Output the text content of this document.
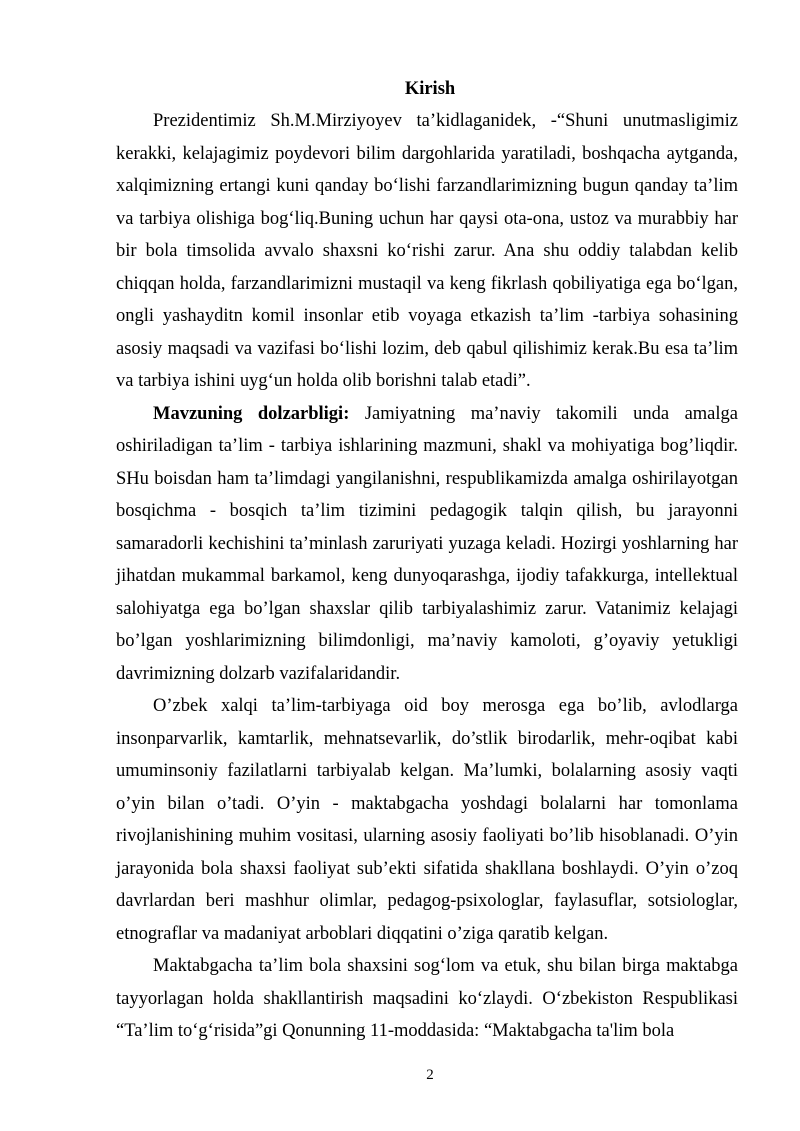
Kirish

Prezidentimiz Sh.M.Mirziyoyev ta’kidlaganidek, -“Shuni unutmasligimiz kerakki, kelajagimiz poydevori bilim dargohlarida yaratiladi, boshqacha aytganda, xalqimizning ertangi kuni qanday bo‘lishi farzandlarimizning bugun qanday ta’lim va tarbiya olishiga bog‘liq.Buning uchun har qaysi ota-ona, ustoz va murabbiy har bir bola timsolida avvalo shaxsni ko‘rishi zarur. Ana shu oddiy talabdan kelib chiqqan holda, farzandlarimizni mustaqil va keng fikrlash qobiliyatiga ega bo‘lgan, ongli yashayditn komil insonlar etib voyaga etkazish ta’lim -tarbiya sohasining asosiy maqsadi va vazifasi bo‘lishi lozim, deb qabul qilishimiz kerak.Bu esa ta’lim va tarbiya ishini uyg‘un holda olib borishni talab etadi”.

Mavzuning dolzarbligi: Jamiyatning ma’naviy takomili unda amalga oshiriladigan ta’lim - tarbiya ishlarining mazmuni, shakl va mohiyatiga bog’liqdir. SHu boisdan ham ta’limdagi yangilanishni, respublikamizda amalga oshirilayotgan bosqichma - bosqich ta’lim tizimini pedagogik talqin qilish, bu jarayonni samaradorli kechishini ta’minlash zaruriyati yuzaga keladi. Hozirgi yoshlarning har jihatdan mukammal barkamol, keng dunyoqarashga, ijodiy tafakkurga, intellektual salohiyatga ega bo’lgan shaxslar qilib tarbiyalashimiz zarur. Vatanimiz kelajagi bo’lgan yoshlarimizning bilimdonligi, ma’naviy kamoloti, g’oyaviy yetukligi davrimizning dolzarb vazifalaridandir.

O’zbek xalqi ta’lim-tarbiyaga oid boy merosga ega bo’lib, avlodlarga insonparvarlik, kamtarlik, mehnatsevarlik, do’stlik birodarlik, mehr-oqibat kabi umuminsoniy fazilatlarni tarbiyalab kelgan. Ma’lumki, bolalarning asosiy vaqti o’yin bilan o’tadi. O’yin - maktabgacha yoshdagi bolalarni har tomonlama rivojlanishining muhim vositasi, ularning asosiy faoliyati bo’lib hisoblanadi. O’yin jarayonida bola shaxsi faoliyat sub’ekti sifatida shakllana boshlaydi. O’yin o’zoq davrlardan beri mashhur olimlar, pedagog-psixologlar, faylasuflar, sotsiologlar, etnograflar va madaniyat arboblari diqqatini o’ziga qaratib kelgan.

Maktabgacha ta’lim bola shaxsini sog‘lom va etuk, shu bilan birga maktabga tayyorlagan holda shakllantirish maqsadini ko‘zlaydi. O‘zbekiston Respublikasi “Ta’lim to‘g‘risida”gi Qonunning 11-moddasida: “Maktabgacha ta'lim bola

2
